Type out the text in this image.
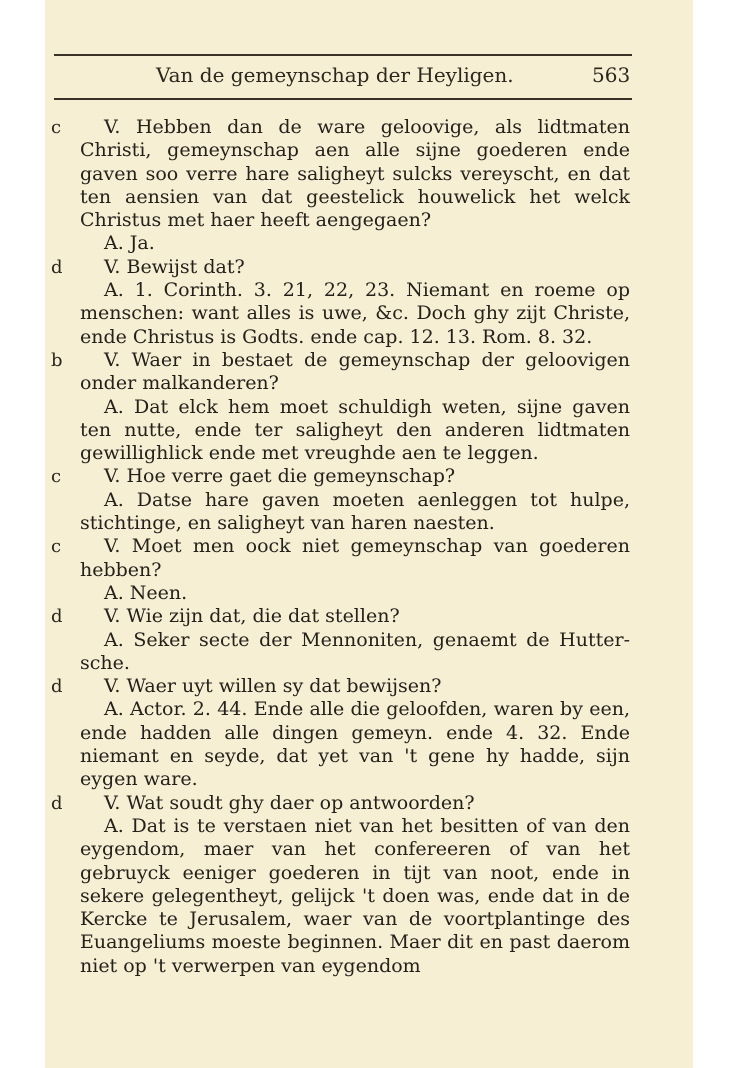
Van de gemeynschap der Heyligen.	563
c V. Hebben dan de ware geloovige, als lidtmaten Christi, gemeynschap aen alle sijne goederen ende gaven soo verre hare saligheyt sulcks vereyscht, en dat ten aensien van dat geestelick houwelick het welck Christus met haer heeft aengegaen?
A. Ja.
d V. Bewijst dat?
A. 1. Corinth. 3. 21, 22, 23. Niemant en roeme op menschen: want alles is uwe, &c. Doch ghy zijt Christe, ende Christus is Godts. ende cap. 12. 13. Rom. 8. 32.
b V. Waer in bestaet de gemeynschap der geloovigen onder malkanderen?
A. Dat elck hem moet schuldigh weten, sijne gaven ten nutte, ende ter saligheyt den anderen lidtmaten gewillighlick ende met vreughde aen te leggen.
c V. Hoe verre gaet die gemeynschap?
A. Datse hare gaven moeten aenleggen tot hulpe, stichtinge, en saligheyt van haren naesten.
c V. Moet men oock niet gemeynschap van goederen hebben?
A. Neen.
d V. Wie zijn dat, die dat stellen?
A. Seker secte der Mennoniten, genaemt de Huttersche.
d V. Waer uyt willen sy dat bewijsen?
A. Actor. 2. 44. Ende alle die geloofden, waren by een, ende hadden alle dingen gemeyn. ende 4. 32. Ende niemant en seyde, dat yet van 't gene hy hadde, sijn eygen ware.
d V. Wat soudt ghy daer op antwoorden?
A. Dat is te verstaen niet van het besitten of van den eygendom, maer van het confereeren of van het gebruyck eeniger goederen in tijt van noot, ende in sekere gelegentheyt, gelijck 't doen was, ende dat in de Kercke te Jerusalem, waer van de voortplantinge des Euangeliums moeste beginnen. Maer dit en past daerom niet op 't verwerpen van eygendom
